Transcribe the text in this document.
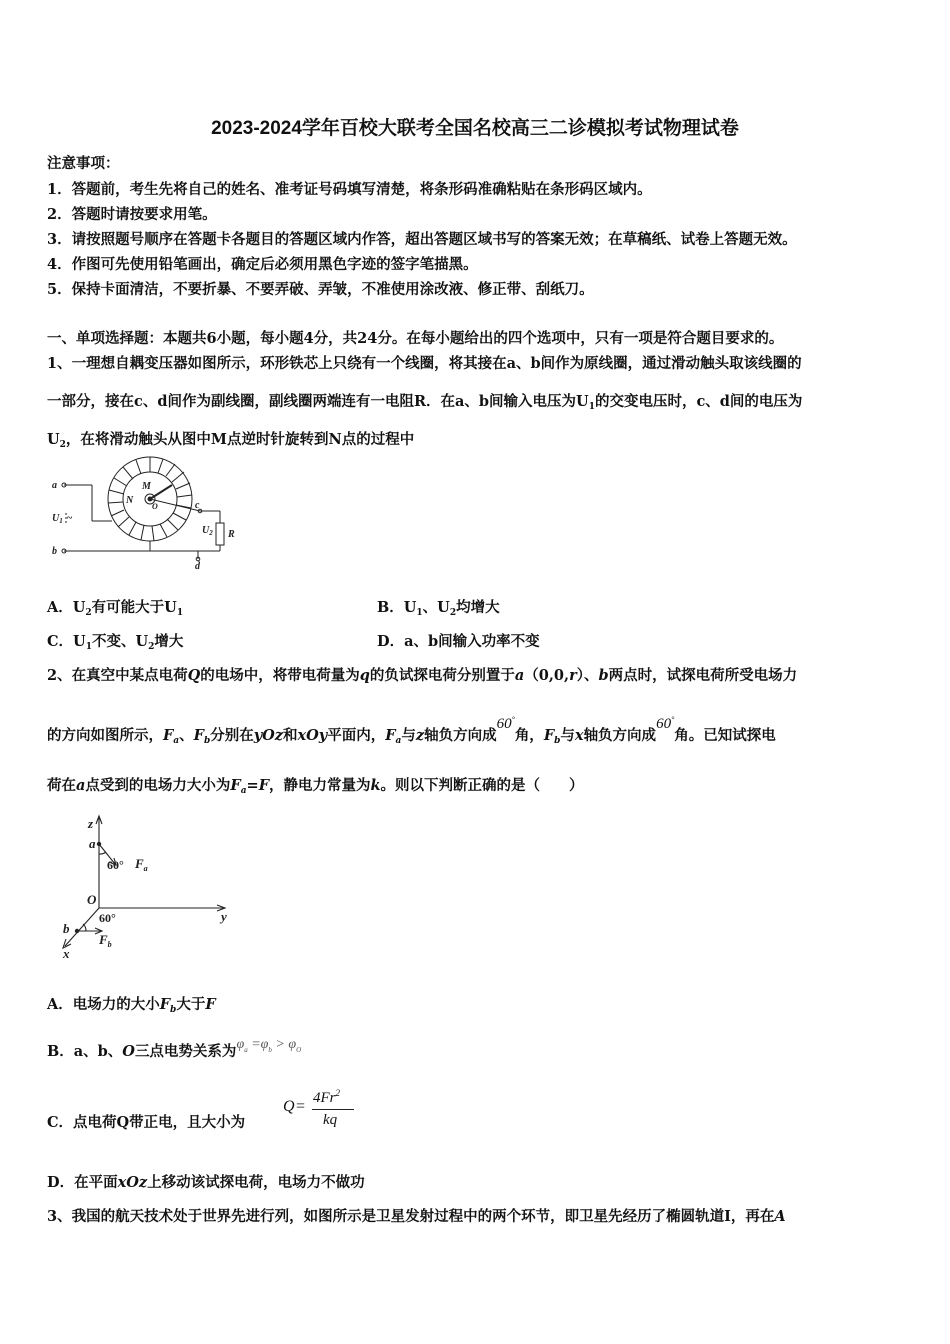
2023-2024学年百校大联考全国名校高三二诊模拟考试物理试卷
注意事项：
1．答题前，考生先将自己的姓名、准考证号码填写清楚，将条形码准确粘贴在条形码区域内。
2．答题时请按要求用笔。
3．请按照题号顺序在答题卡各题目的答题区域内作答，超出答题区域书写的答案无效；在草稿纸、试卷上答题无效。
4．作图可先使用铅笔画出，确定后必须用黑色字迹的签字笔描黑。
5．保持卡面清洁，不要折暴、不要弄破、弄皱，不准使用涂改液、修正带、刮纸刀。
一、单项选择题：本题共6小题，每小题4分，共24分。在每小题给出的四个选项中，只有一项是符合题目要求的。
1、一理想自耦变压器如图所示，环形铁芯上只绕有一个线圈，将其接在a、b间作为原线圈，通过滑动触头取该线圈的
一部分，接在c、d间作为副线圈，副线圈两端连有一电阻R．在a、b间输入电压为$U_1$的交变电压时，c、d间的电压为
$U_2$，在将滑动触头从图中M点逆时针旋转到N点的过程中
a
b
c
d
M
N
O
R
$U_1$ ~
$U_2$
A．$U_2$有可能大于$U_1$	B．$U_1$、$U_2$均增大
C．$U_1$不变、$U_2$增大	D．a、b间输入功率不变
2、在真空中某点电荷Q的电场中，将带电荷量为q的负试探电荷分别置于a（0,0,r）、b两点时，试探电荷所受电场力
的方向如图所示，$F_a$、$F_b$分别在yOz和xOy平面内，$F_a$与z轴负方向成60°角，$F_b$与x轴负方向成60°角。已知试探电
荷在a点受到的电场力大小为$F_a=F$，静电力常量为k。则以下判断正确的是（　　）
z
a
60° $F_a$
O
y
b
60°
$F_b$
x
A．电场力的大小$F_b$大于F
B．a、b、O三点电势关系为$\varphi_a =\varphi_b > \varphi_O$
C．点电荷Q带正电，且大小为
$Q = 4Fr^2$
kq
D．在平面xOz上移动该试探电荷，电场力不做功
3、我国的航天技术处于世界先进行列，如图所示是卫星发射过程中的两个环节，即卫星先经历了椭圆轨道Ⅰ，再在A
